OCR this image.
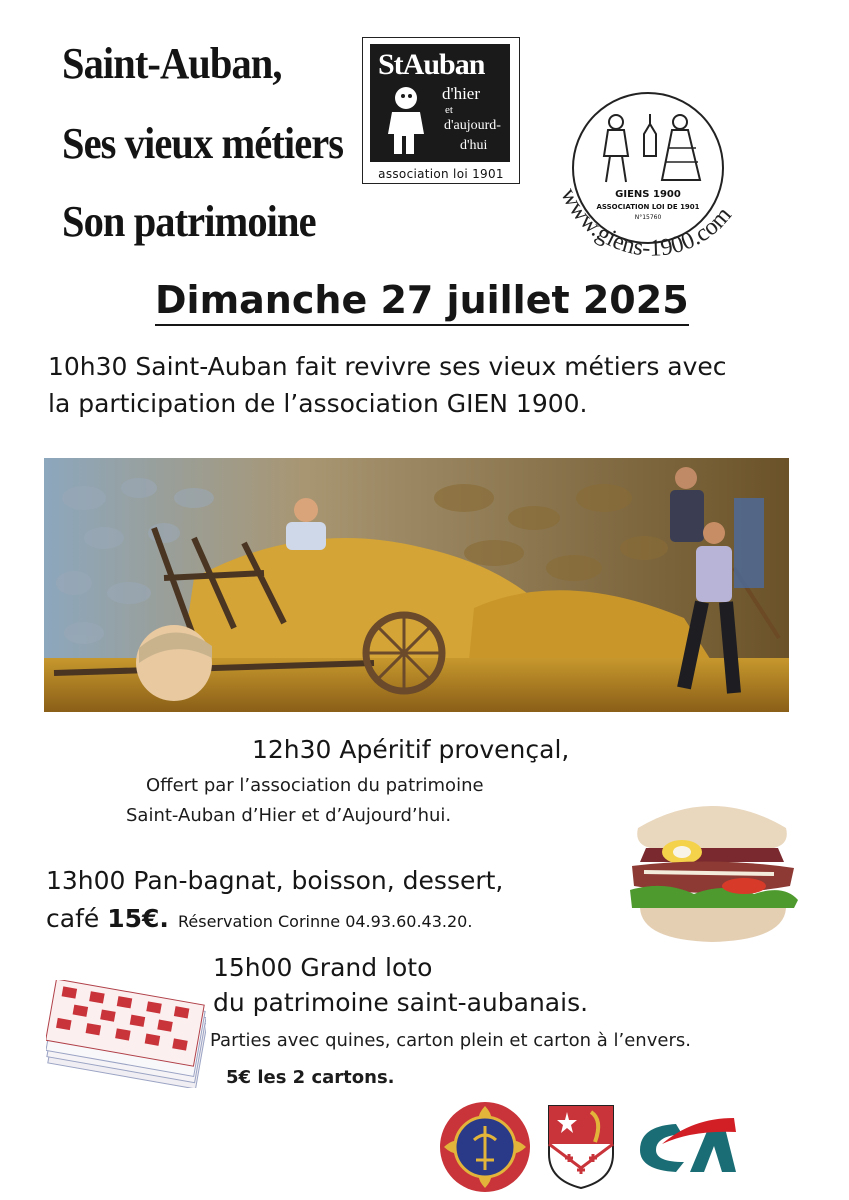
Saint-Auban,
Ses vieux métiers
Son patrimoine
StAuban
d'hier
et
d'aujourd-
d'hui
association loi 1901
GIENS 1900
ASSOCIATION LOI DE 1901
N°15760
www.giens-1900.com
Dimanche 27 juillet 2025
10h30 Saint-Auban fait revivre ses vieux métiers avec
la participation de l’association GIEN 1900.
12h30 Apéritif provençal,
Offert par l’association du patrimoine
Saint-Auban d’Hier et d’Aujourd’hui.
13h00 Pan-bagnat, boisson, dessert,
café 15€. Réservation Corinne 04.93.60.43.20.
15h00 Grand loto
du patrimoine saint-aubanais.
Parties avec quines, carton plein et carton à l’envers.
5€ les 2 cartons.
